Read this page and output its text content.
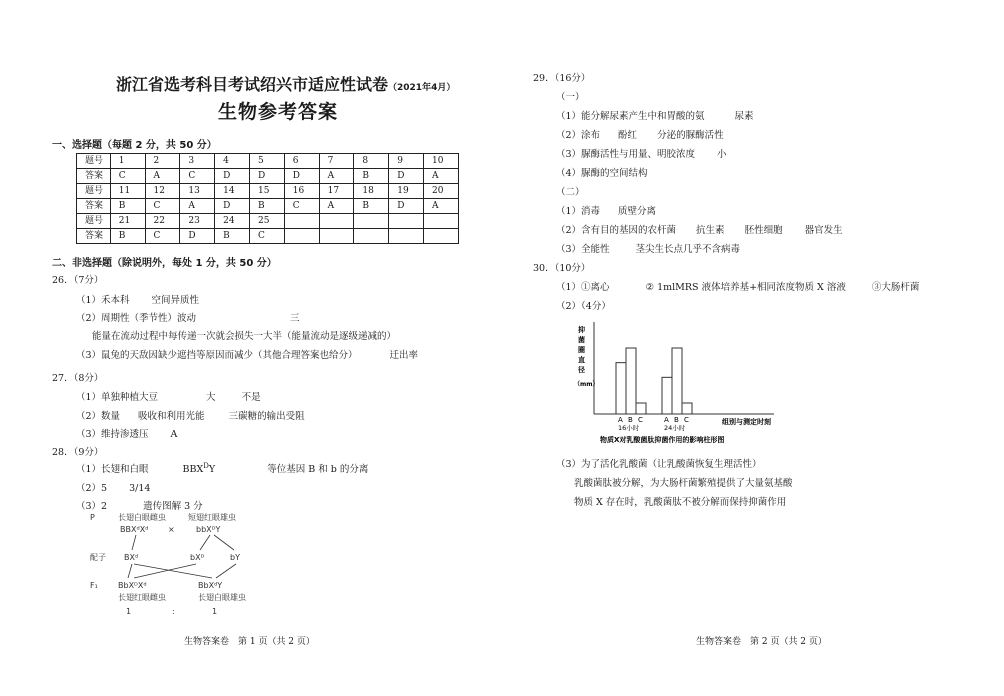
浙江省选考科目考试绍兴市适应性试卷（2021年4月）
生物参考答案
一、选择题（每题 2 分，共 50 分）
题号	1	2	3	4	5	6	7	8	9	10
答案	C	A	C	D	D	D	A	B	D	A
题号	11	12	13	14	15	16	17	18	19	20
答案	B	C	A	D	B	C	A	B	D	A
题号	21	22	23	24	25					
答案	B	C	D	B	C					
二、非选择题（除说明外，每处 1 分，共 50 分）
26．（7分）
（1）禾本科 空间异质性
（2）周期性（季节性）波动	三
能量在流动过程中每传递一次就会损失一大半（能量流动是逐级递减的）
（3）鼠兔的天敌因缺少遮挡等原因而减少（其他合理答案也给分）	迁出率
27．（8分）
（1）单独种植大豆	大	不是
（2）数量 吸收和利用光能	三碳糖的输出受阻
（3）维持渗透压 A
28．（9分）
（1）长翅和白眼	$BBX^DY$	等位基因 B 和 b 的分离
（2）5 3/14
（3）2	遗传图解 3 分
P	长翅白眼雌虫
BBXᵈXᵈ ×
短翅红眼雄虫
bbXᴰY
配子 BXᵈ	bXᴰ	bY
F₁	BbXᴰXᵈ	BbXᵈY
长翅红眼雌虫	长翅白眼雄虫
1	:	1
生物答案卷　第 1 页（共 2 页）
29．（16分）
（一）
（1）能分解尿素产生中和胃酸的氨	尿素
（2）涂布 酚红 分泌的脲酶活性
（3）脲酶活性与用量、明胶浓度 小
（4）脲酶的空间结构
（二）
（1）消毒 质壁分离
（2）含有目的基因的农杆菌 抗生素 胚性细胞 器官发生
（3）全能性	茎尖生长点几乎不含病毒
30．（10分）
（1）①离心	② 1mlMRS 液体培养基+相同浓度物质 X 溶液	③大肠杆菌
（2）（4分）
组别与测定时刻
物质X对乳酸菌肽抑菌作用的影响柱形图
A B C
16小时
A B C
24小时
抑
菌
圈
直
径
（mm）
（3）为了活化乳酸菌（让乳酸菌恢复生理活性）
乳酸菌肽被分解，为大肠杆菌繁殖提供了大量氨基酸
物质 X 存在时，乳酸菌肽不被分解而保持抑菌作用
生物答案卷　第 2 页（共 2 页）
